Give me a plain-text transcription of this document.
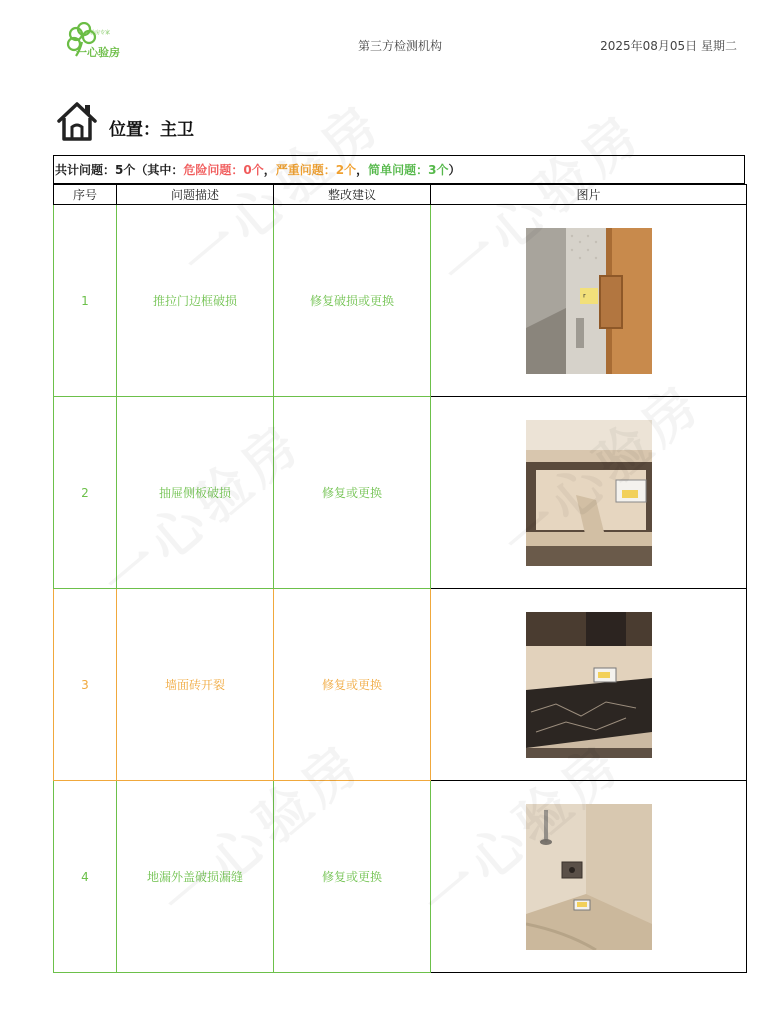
验房专家
一心验房	第三方检测机构	2025年08月05日 星期二
位置：主卫
共计问题：5个（其中： 危险问题：0个 ， 严重问题：2个 ， 简单问题：3个 ）
序号	问题描述	整改建议	图片
1	推拉门边框破损	修复破损或更换	ʳ

2	抽屉侧板破损	修复或更换	

3	墙面砖开裂	修复或更换	

4	地漏外盖破损漏缝	修复或更换	
